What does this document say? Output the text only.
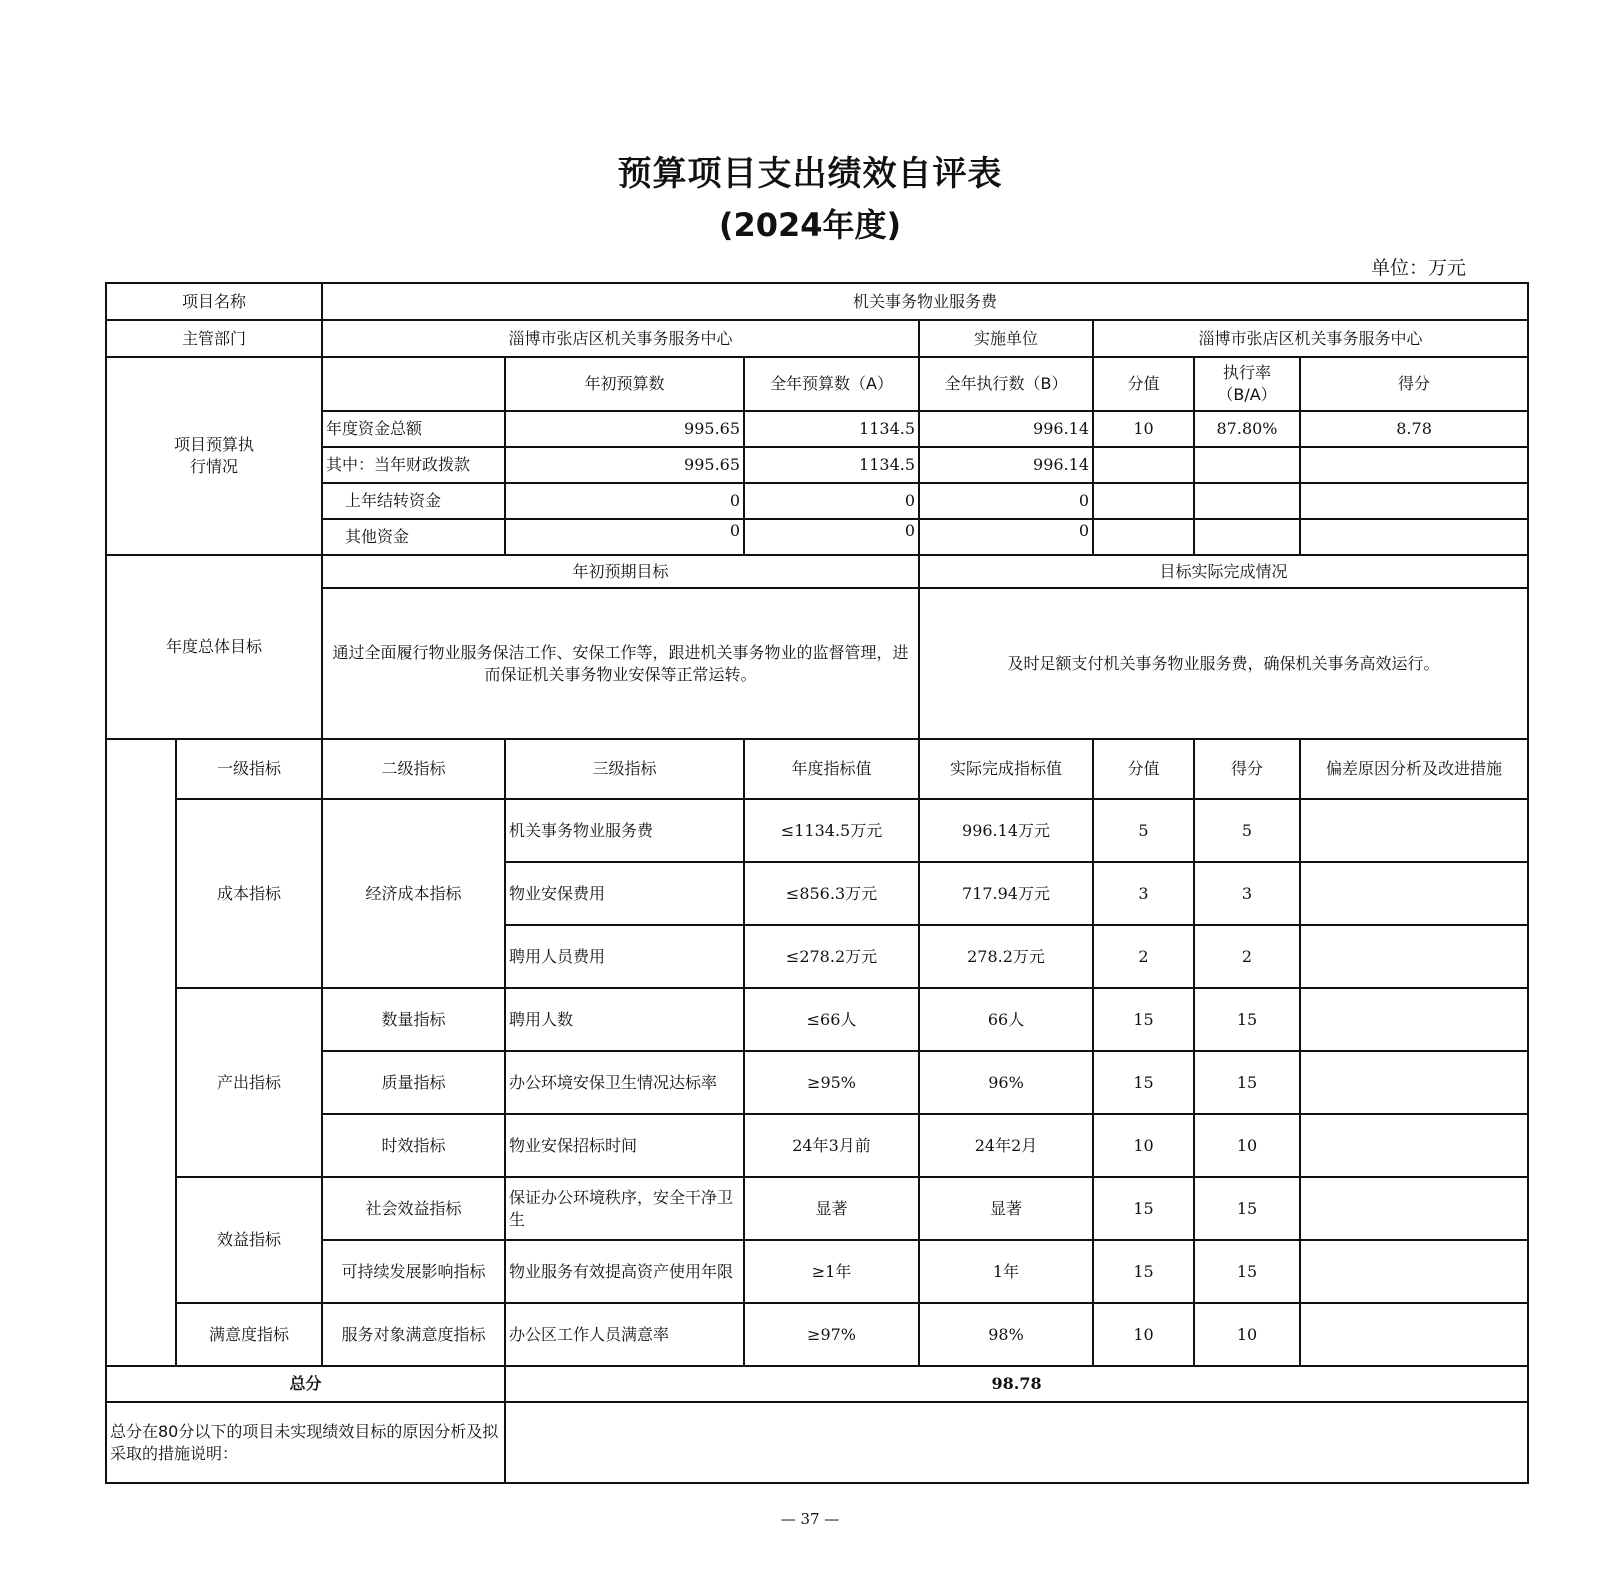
预算项目支出绩效自评表
(2024年度)
单位：万元
项目名称		机关事务物业服务费						
主管部门		淄博市张店区机关事务服务中心			实施单位	淄博市张店区机关事务服务中心		

项目预算执行情况			年初预算数	全年预算数（A）	全年执行数（B）	分值	执行率 （B/A）	得分
		年度资金总额	995.65	1134.5	996.14	10	87.80%	8.78
		其中：当年财政拨款	995.65	1134.5	996.14			
		上年结转资金	0	0	0			
		其他资金	0	0	0			
年度总体目标		年初预期目标			目标实际完成情况			
		通过全面履行物业服务保洁工作、安保工作等，跟进机关事务物业的监督管理，进而保证机关事务物业安保等正常运转。			及时足额支付机关事务物业服务费，确保机关事务高效运行。			
	一级指标	二级指标	三级指标	年度指标值	实际完成指标值	分值	得分	偏差原因分析及改进措施
	成本指标	经济成本指标	机关事务物业服务费	≤1134.5万元	996.14万元	5	5	
			物业安保费用	≤856.3万元	717.94万元	3	3	
			聘用人员费用	≤278.2万元	278.2万元	2	2	
	产出指标	数量指标	聘用人数	≤66人	66人	15	15	
		质量指标	办公环境安保卫生情况达标率	≥95%	96%	15	15	
		时效指标	物业安保招标时间	24年3月前	24年2月	10	10	
	效益指标	社会效益指标	保证办公环境秩序，安全干净卫生	显著	显著	15	15	
		可持续发展影响指标	物业服务有效提高资产使用年限	≥1年	1年	15	15	
	满意度指标	服务对象满意度指标	办公区工作人员满意率	≥97%	98%	10	10	
总分			98.78					
总分在80分以下的项目未实现绩效目标的原因分析及拟采取的措施说明：								
— 37 —
